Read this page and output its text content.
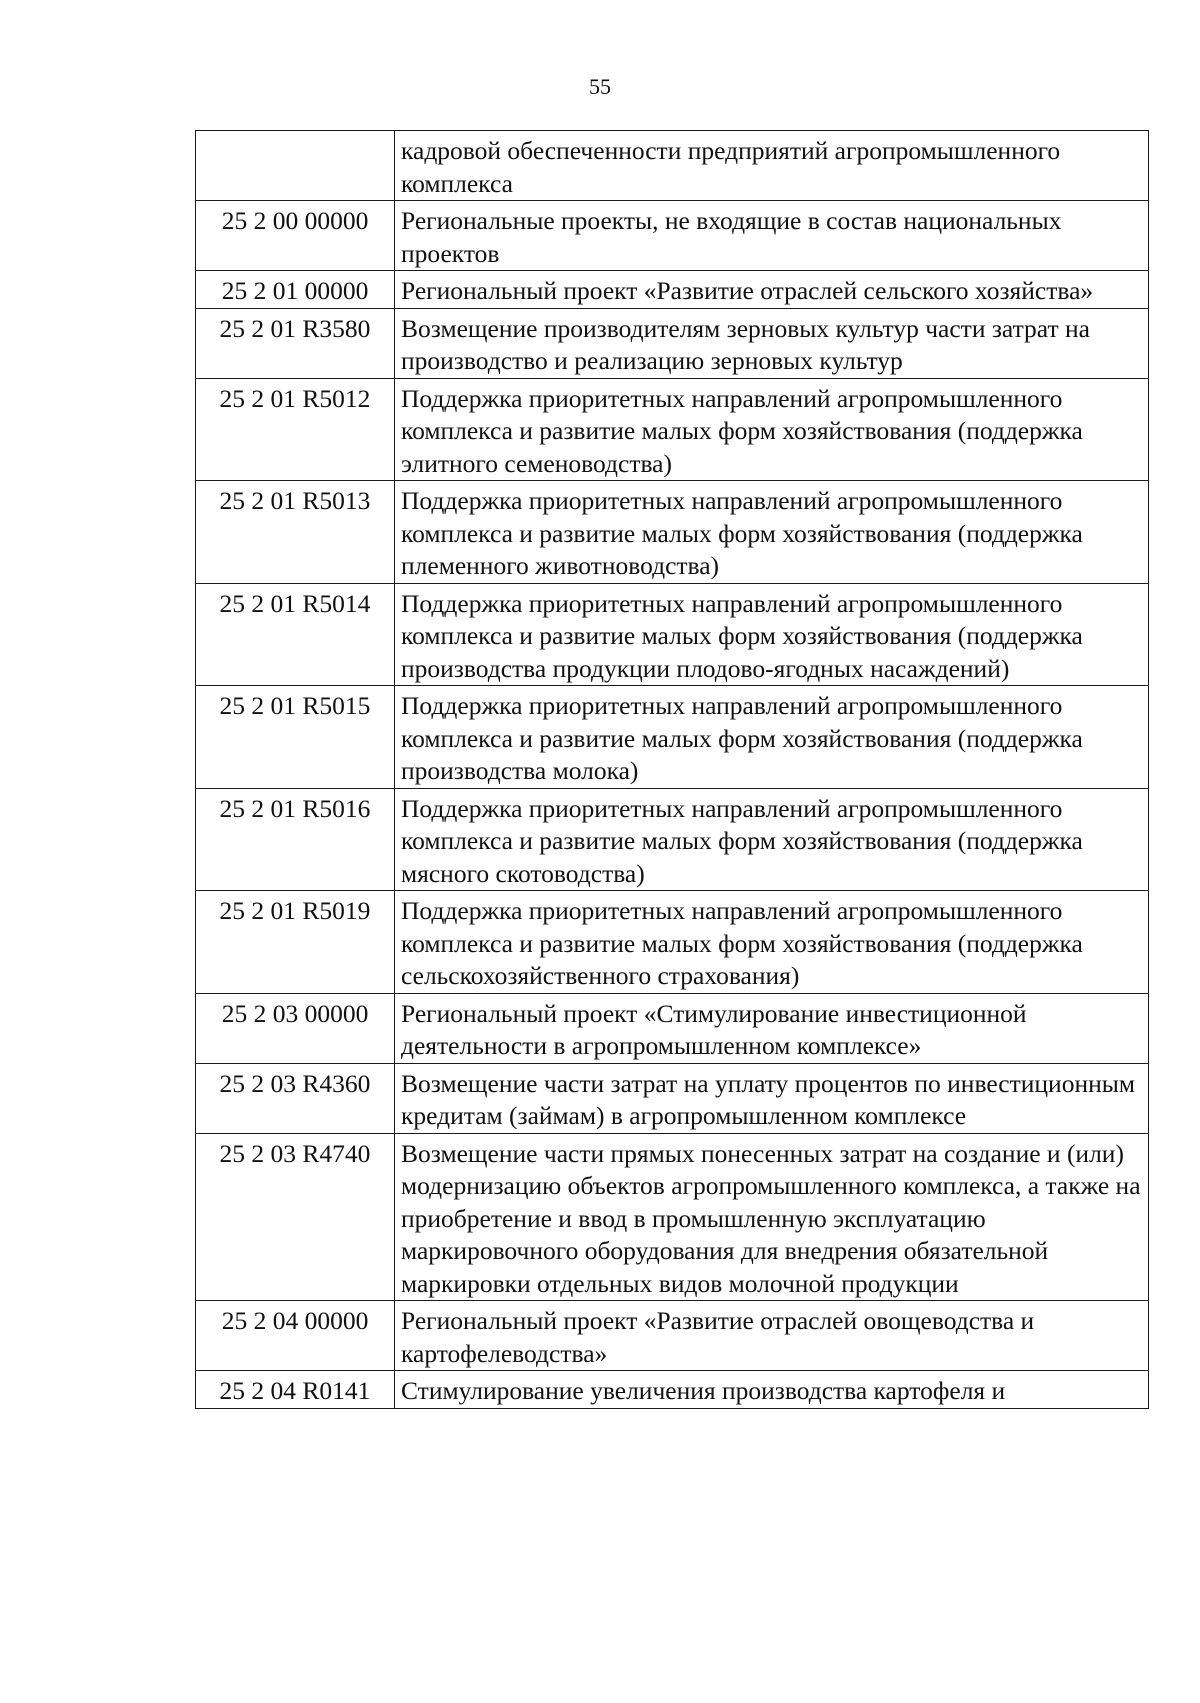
55
	кадровой обеспеченности предприятий агропромышленного комплекса
25 2 00 00000	Региональные проекты, не входящие в состав национальных проектов
25 2 01 00000	Региональный проект «Развитие отраслей сельского хозяйства»
25 2 01 R3580	Возмещение производителям зерновых культур части затрат на производство и реализацию зерновых культур
25 2 01 R5012	Поддержка приоритетных направлений агропромышленного комплекса и развитие малых форм хозяйствования (поддержка элитного семеноводства)
25 2 01 R5013	Поддержка приоритетных направлений агропромышленного комплекса и развитие малых форм хозяйствования (поддержка племенного животноводства)
25 2 01 R5014	Поддержка приоритетных направлений агропромышленного комплекса и развитие малых форм хозяйствования (поддержка производства продукции плодово-ягодных насаждений)
25 2 01 R5015	Поддержка приоритетных направлений агропромышленного комплекса и развитие малых форм хозяйствования (поддержка производства молока)
25 2 01 R5016	Поддержка приоритетных направлений агропромышленного комплекса и развитие малых форм хозяйствования (поддержка мясного скотоводства)
25 2 01 R5019	Поддержка приоритетных направлений агропромышленного комплекса и развитие малых форм хозяйствования (поддержка сельскохозяйственного страхования)
25 2 03 00000	Региональный проект «Стимулирование инвестиционной деятельности в агропромышленном комплексе»
25 2 03 R4360	Возмещение части затрат на уплату процентов по инвестиционным кредитам (займам) в агропромышленном комплексе
25 2 03 R4740	Возмещение части прямых понесенных затрат на создание и (или) модернизацию объектов агропромышленного комплекса, а также на приобретение и ввод в промышленную эксплуатацию маркировочного оборудования для внедрения обязательной маркировки отдельных видов молочной продукции
25 2 04 00000	Региональный проект «Развитие отраслей овощеводства и картофелеводства»
25 2 04 R0141	Стимулирование увеличения производства картофеля и
